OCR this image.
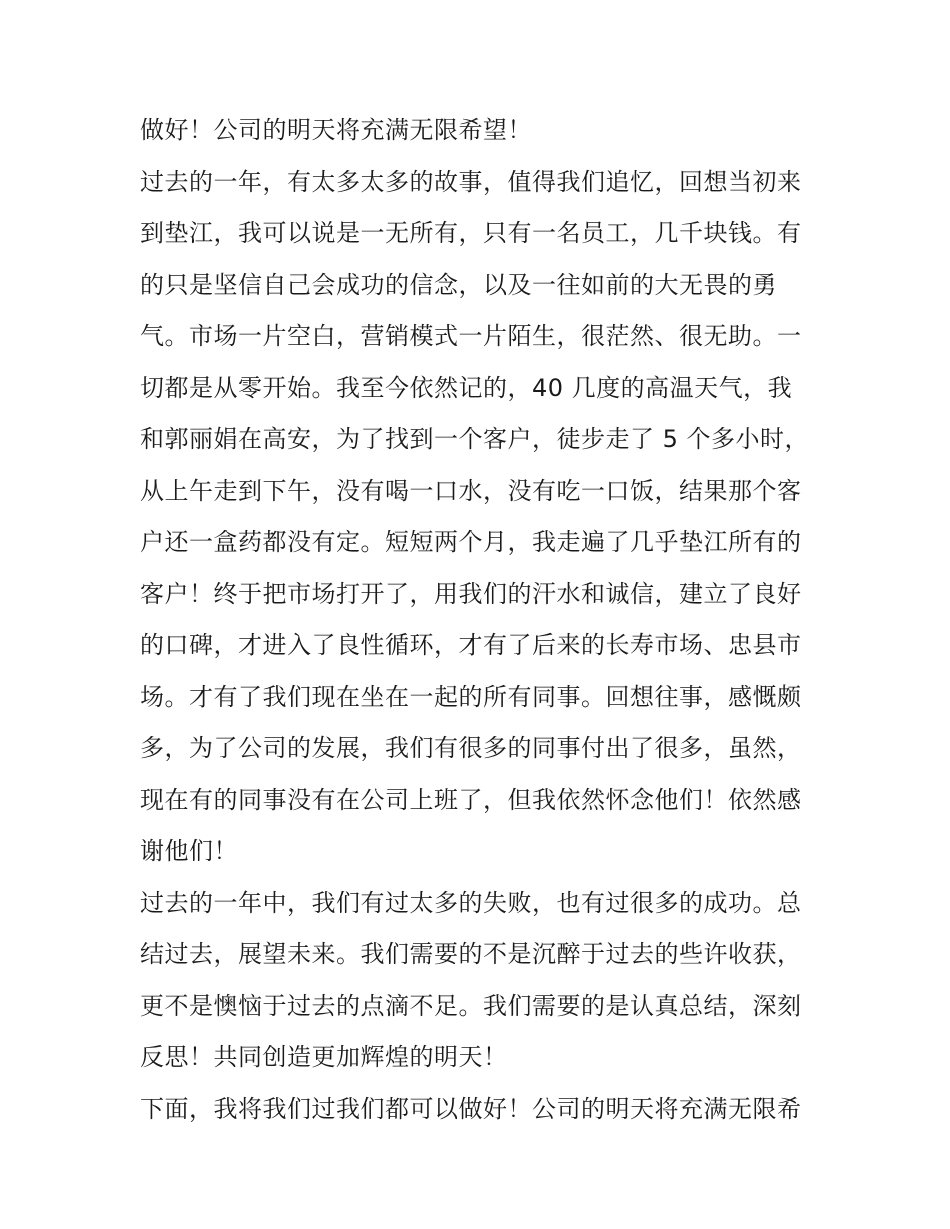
做好！公司的明天将充满无限希望！
过去的一年，有太多太多的故事，值得我们追忆，回想当初来
到垫江，我可以说是一无所有，只有一名员工，几千块钱。有
的只是坚信自己会成功的信念，以及一往如前的大无畏的勇
气。市场一片空白，营销模式一片陌生，很茫然、很无助。一
切都是从零开始。我至今依然记的，40 几度的高温天气，我
和郭丽娟在高安，为了找到一个客户，徒步走了 5 个多小时，
从上午走到下午，没有喝一口水，没有吃一口饭，结果那个客
户还一盒药都没有定。短短两个月，我走遍了几乎垫江所有的
客户！终于把市场打开了，用我们的汗水和诚信，建立了良好
的口碑，才进入了良性循环，才有了后来的长寿市场、忠县市
场。才有了我们现在坐在一起的所有同事。回想往事，感慨颇
多，为了公司的发展，我们有很多的同事付出了很多，虽然，
现在有的同事没有在公司上班了，但我依然怀念他们！依然感
谢他们！
过去的一年中，我们有过太多的失败，也有过很多的成功。总
结过去，展望未来。我们需要的不是沉醉于过去的些许收获，
更不是懊恼于过去的点滴不足。我们需要的是认真总结，深刻
反思！共同创造更加辉煌的明天！
下面，我将我们过我们都可以做好！公司的明天将充满无限希
